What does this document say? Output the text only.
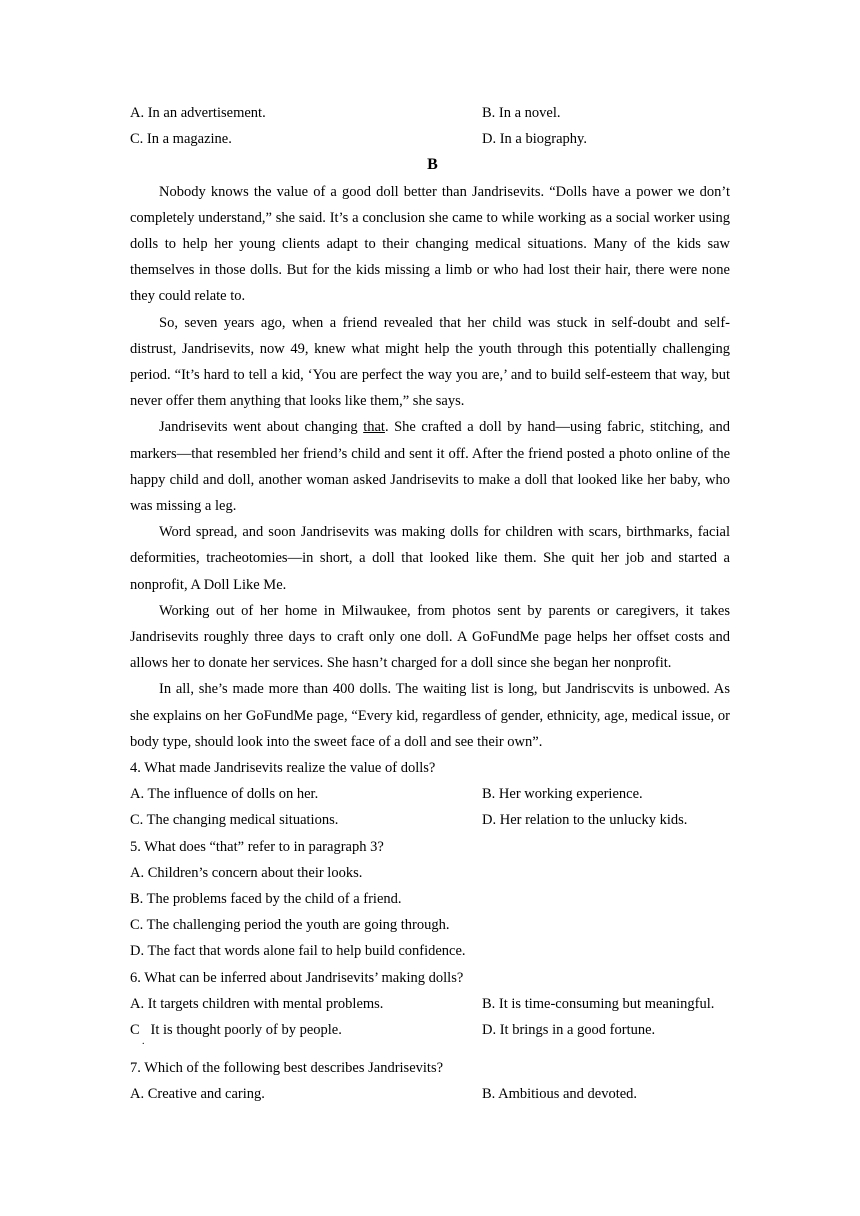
A. In an advertisement.	B. In a novel.
C. In a magazine.	D. In a biography.
B

Nobody knows the value of a good doll better than Jandrisevits. “Dolls have a power we don’t completely understand,” she said. It’s a conclusion she came to while working as a social worker using dolls to help her young clients adapt to their changing medical situations. Many of the kids saw themselves in those dolls. But for the kids missing a limb or who had lost their hair, there were none they could relate to.

So, seven years ago, when a friend revealed that her child was stuck in self-doubt and self-distrust, Jandrisevits, now 49, knew what might help the youth through this potentially challenging period. “It’s hard to tell a kid, ‘You are perfect the way you are,’ and to build self-esteem that way, but never offer them anything that looks like them,” she says.

Jandrisevits went about changing that. She crafted a doll by hand—using fabric, stitching, and markers—that resembled her friend’s child and sent it off. After the friend posted a photo online of the happy child and doll, another woman asked Jandrisevits to make a doll that looked like her baby, who was missing a leg.

Word spread, and soon Jandrisevits was making dolls for children with scars, birthmarks, facial deformities, tracheotomies—in short, a doll that looked like them. She quit her job and started a nonprofit, A Doll Like Me.

Working out of her home in Milwaukee, from photos sent by parents or caregivers, it takes Jandrisevits roughly three days to craft only one doll. A GoFundMe page helps her offset costs and allows her to donate her services. She hasn’t charged for a doll since she began her nonprofit.

In all, she’s made more than 400 dolls. The waiting list is long, but Jandriscvits is unbowed. As she explains on her GoFundMe page, “Every kid, regardless of gender, ethnicity, age, medical issue, or body type, should look into the sweet face of a doll and see their own”.

4. What made Jandrisevits realize the value of dolls?
A. The influence of dolls on her.	B. Her working experience.
C. The changing medical situations.	D. Her relation to the unlucky kids.
5. What does “that” refer to in paragraph 3?
A. Children’s concern about their looks.
B. The problems faced by the child of a friend.
C. The challenging period the youth are going through.
D. The fact that words alone fail to help build confidence.
6. What can be inferred about Jandrisevits’ making dolls?
A. It targets children with mental problems.	B. It is time-consuming but meaningful.
C   It is thought poorly of by people.	D. It brings in a good fortune.
.
7. Which of the following best describes Jandrisevits?
A. Creative and caring.	B. Ambitious and devoted.
